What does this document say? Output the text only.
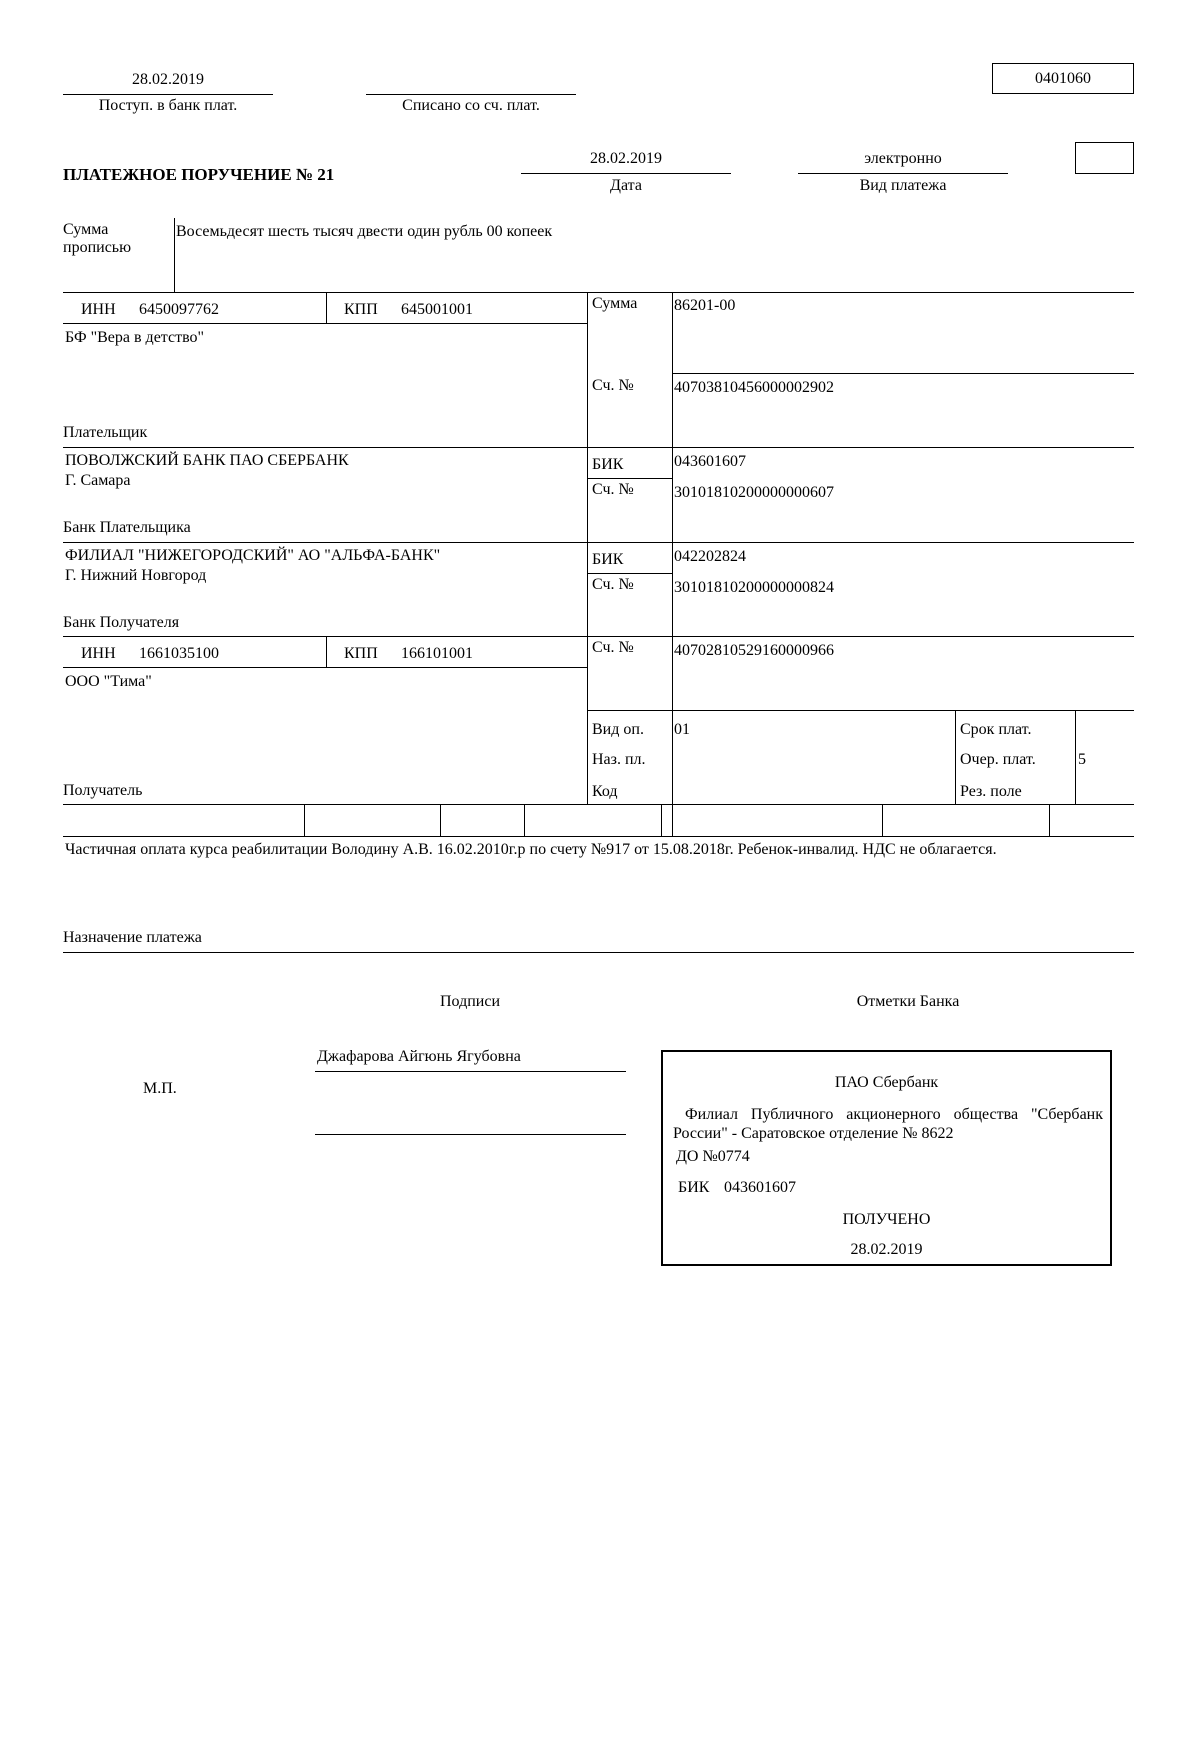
28.02.2019
Поступ. в банк плат.	Списано со сч. плат.
0401060
ПЛАТЕЖНОЕ ПОРУЧЕНИЕ № 21
28.02.2019
Дата
электронно
Вид платежа
Сумма
прописью
Восемьдесят шесть тысяч двести один рубль 00 копеек
ИНН 6450097762	КПП 645001001
БФ "Вера в детство"
Плательщик
Сумма 86201-00
Сч. №	40703810456000002902
ПОВОЛЖСКИЙ БАНК ПАО СБЕРБАНК
Г. Самара
Банк Плательщика
БИК	043601607
Сч. №	30101810200000000607
ФИЛИАЛ "НИЖЕГОРОДСКИЙ" АО "АЛЬФА-БАНК"
Г. Нижний Новгород
Банк Получателя
БИК	042202824
Сч. №	30101810200000000824
ИНН 1661035100	КПП 166101001
ООО "Тима"
Получатель
Сч. №	40702810529160000966
Вид оп. 01
Наз. пл.
Код
Срок плат.
Очер. плат.	5
Рез. поле
Частичная оплата курса реабилитации Володину А.В. 16.02.2010г.р по счету №917 от 15.08.2018г. Ребенок-инвалид. НДС не облагается.
Назначение платежа
Подписи	Отметки Банка
М.П.
Джафарова Айгюнь Ягубовна
ПАО Сбербанк
Филиал Публичного акционерного общества "Сбербанк России" - Саратовское отделение № 8622
ДО №0774
БИК 043601607
ПОЛУЧЕНО
28.02.2019
